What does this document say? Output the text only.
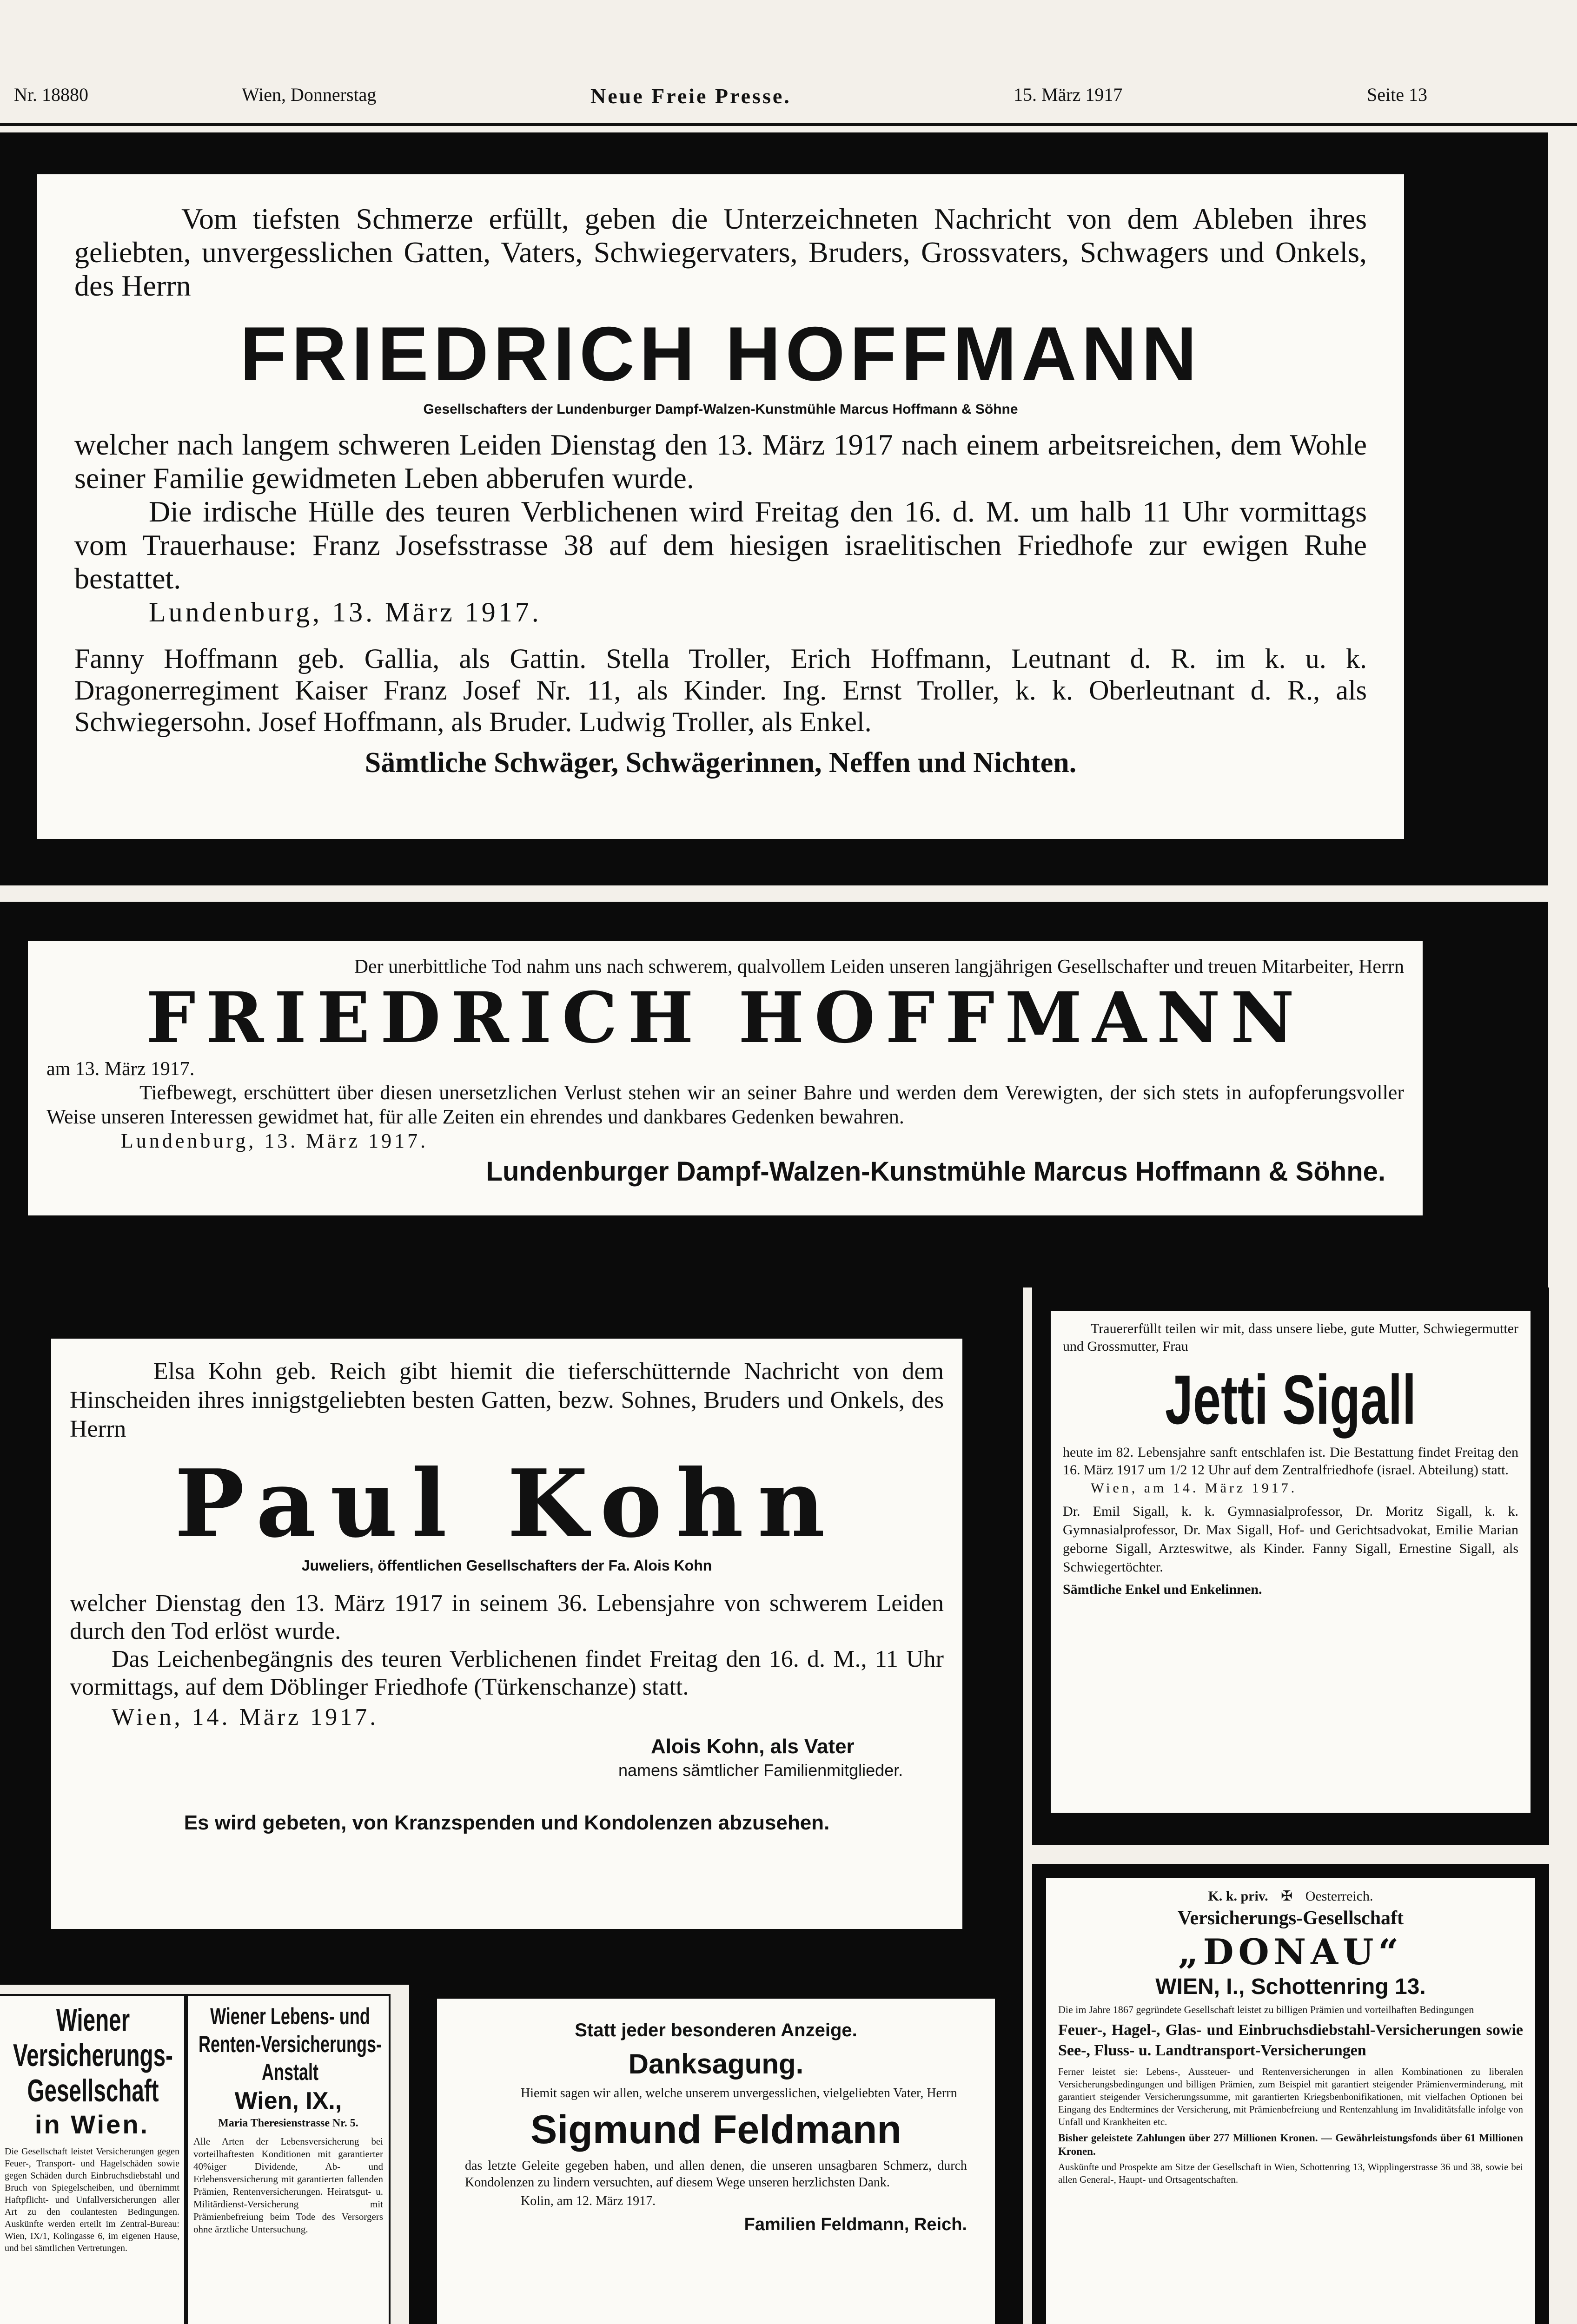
Nr. 18880	Wien, Donnerstag	Neue Freie Presse.	15. März 1917	Seite 13

Vom tiefsten Schmerze erfüllt, geben die Unterzeichneten Nachricht von dem Ableben ihres geliebten, unvergesslichen Gatten, Vaters, Schwiegervaters, Bruders, Grossvaters, Schwagers und Onkels, des Herrn

FRIEDRICH HOFFMANN

Gesellschafters der Lundenburger Dampf-Walzen-Kunstmühle Marcus Hoffmann & Söhne

welcher nach langem schweren Leiden Dienstag den 13. März 1917 nach einem arbeitsreichen, dem Wohle seiner Familie gewidmeten Leben abberufen wurde.

Die irdische Hülle des teuren Verblichenen wird Freitag den 16. d. M. um halb 11 Uhr vormittags vom Trauerhause: Franz Josefsstrasse 38 auf dem hiesigen israelitischen Friedhofe zur ewigen Ruhe bestattet.

Lundenburg, 13. März 1917.

Fanny Hoffmann geb. Gallia, als Gattin. Stella Troller, Erich Hoffmann, Leutnant d. R. im k. u. k. Dragonerregiment Kaiser Franz Josef Nr. 11, als Kinder. Ing. Ernst Troller, k. k. Oberleutnant d. R., als Schwiegersohn. Josef Hoffmann, als Bruder. Ludwig Troller, als Enkel.

Sämtliche Schwäger, Schwägerinnen, Neffen und Nichten.

Der unerbittliche Tod nahm uns nach schwerem, qualvollem Leiden unseren langjährigen Gesellschafter und treuen Mitarbeiter, Herrn

FRIEDRICH HOFFMANN

am 13. März 1917.

Tiefbewegt, erschüttert über diesen unersetzlichen Verlust stehen wir an seiner Bahre und werden dem Verewigten, der sich stets in aufopferungsvoller Weise unseren Interessen gewidmet hat, für alle Zeiten ein ehrendes und dankbares Gedenken bewahren.

Lundenburg, 13. März 1917.

Lundenburger Dampf-Walzen-Kunstmühle Marcus Hoffmann & Söhne.

Elsa Kohn geb. Reich gibt hiemit die tieferschütternde Nachricht von dem Hinscheiden ihres innigstgeliebten besten Gatten, bezw. Sohnes, Bruders und Onkels, des Herrn

Paul Kohn

Juweliers, öffentlichen Gesellschafters der Fa. Alois Kohn

welcher Dienstag den 13. März 1917 in seinem 36. Lebensjahre von schwerem Leiden durch den Tod erlöst wurde.

Das Leichenbegängnis des teuren Verblichenen findet Freitag den 16. d. M., 11 Uhr vormittags, auf dem Döblinger Friedhofe (Türkenschanze) statt.

Wien, 14. März 1917.

Alois Kohn, als Vater

namens sämtlicher Familienmitglieder.

Es wird gebeten, von Kranzspenden und Kondolenzen abzusehen.

Trauererfüllt teilen wir mit, dass unsere liebe, gute Mutter, Schwiegermutter und Grossmutter, Frau

Jetti Sigall

heute im 82. Lebensjahre sanft entschlafen ist. Die Bestattung findet Freitag den 16. März 1917 um 1/2 12 Uhr auf dem Zentralfriedhofe (israel. Abteilung) statt.

Wien, am 14. März 1917.

Dr. Emil Sigall, k. k. Gymnasialprofessor, Dr. Moritz Sigall, k. k. Gymnasialprofessor, Dr. Max Sigall, Hof- und Gerichtsadvokat, Emilie Marian geborne Sigall, Arzteswitwe, als Kinder. Fanny Sigall, Ernestine Sigall, als Schwiegertöchter.

Sämtliche Enkel und Enkelinnen.

K. k. priv. ✠ Oesterreich.

Versicherungs-Gesellschaft

„DONAU“

WIEN, I., Schottenring 13.

Die im Jahre 1867 gegründete Gesellschaft leistet zu billigen Prämien und vorteilhaften Bedingungen

Feuer-, Hagel-, Glas- und Einbruchsdiebstahl-Versicherungen sowie See-, Fluss- u. Landtransport-Versicherungen

Ferner leistet sie: Lebens-, Aussteuer- und Rentenversicherungen in allen Kombinationen zu liberalen Versicherungsbedingungen und billigen Prämien, zum Beispiel mit garantiert steigender Prämienverminderung, mit garantiert steigender Versicherungssumme, mit garantierten Kriegsbenbonifikationen, mit vielfachen Optionen bei Eingang des Endtermines der Versicherung, mit Prämienbefreiung und Rentenzahlung im Invaliditätsfalle infolge von Unfall und Krankheiten etc.

Bisher geleistete Zahlungen über 277 Millionen Kronen. — Gewährleistungsfonds über 61 Millionen Kronen.

Auskünfte und Prospekte am Sitze der Gesellschaft in Wien, Schottenring 13, Wipplingerstrasse 36 und 38, sowie bei allen General-, Haupt- und Ortsagentschaften.

Wiener Versicherungs-Gesellschaft

in Wien.

Die Gesellschaft leistet Versicherungen gegen Feuer-, Transport- und Hagelschäden sowie gegen Schäden durch Einbruchsdiebstahl und Bruch von Spiegelscheiben, und übernimmt Haftpflicht- und Unfallversicherungen aller Art zu den coulantesten Bedingungen. Auskünfte werden erteilt im Zentral-Bureau: Wien, IX/1, Kolingasse 6, im eigenen Hause, und bei sämtlichen Vertretungen.

Wiener Lebens- und Renten-Versicherungs-Anstalt

Wien, IX.,

Maria Theresienstrasse Nr. 5.

Alle Arten der Lebensversicherung bei vorteilhaftesten Konditionen mit garantierter 40%iger Dividende, Ab- und Erlebensversicherung mit garantierten fallenden Prämien, Rentenversicherungen. Heiratsgut- u. Militärdienst-Versicherung mit Prämienbefreiung beim Tode des Versorgers ohne ärztliche Untersuchung.

Statt jeder besonderen Anzeige.

Danksagung.

Hiemit sagen wir allen, welche unserem unvergesslichen, vielgeliebten Vater, Herrn

Sigmund Feldmann

das letzte Geleite gegeben haben, und allen denen, die unseren unsagbaren Schmerz, durch Kondolenzen zu lindern versuchten, auf diesem Wege unseren herzlichsten Dank.

Kolin, am 12. März 1917.

Familien Feldmann, Reich.
